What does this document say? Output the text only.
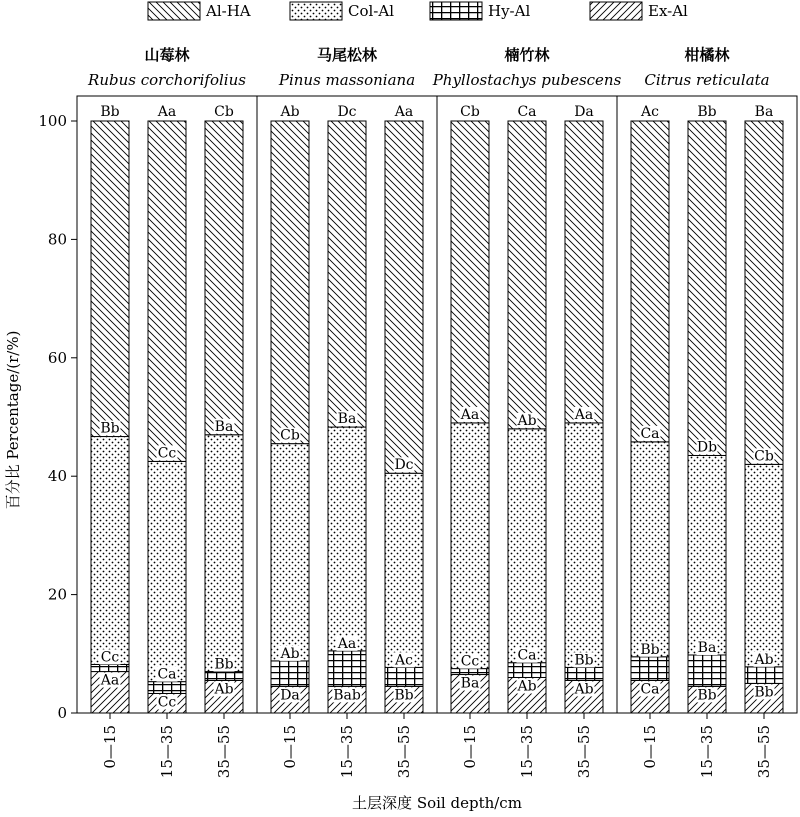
Al-HA	Col-Al	Hy-Al	Ex-Al
山莓林
Rubus corchorifolius
马尾松林
Pinus massoniana
楠竹林
Phyllostachys pubescens
柑橘林
Citrus reticulata
Bb
Bb
Cc
Aa
Aa
Cc
Ca
Cc
Cb
Ba
Bb
Ab
Ab
Cb
Ab
Da
Dc
Ba
Aa
Bab
Aa
Dc
Ac
Bb
Cb
Aa
Cc
Ba
Ca
Ab
Ca
Ab
Da
Aa
Bb
Ab
Ac
Ca
Bb
Ca
Bb
Db
Ba
Bb
Ba
Cb
Ab
Bb
0
20
40
60
80
100
0—15	15—35	35—55	0—15	15—35	35—55	0—15	15—35	35—55	0—15	15—35	35—55
百分比 Percentage/(r/%)
土层深度 Soil depth/cm
